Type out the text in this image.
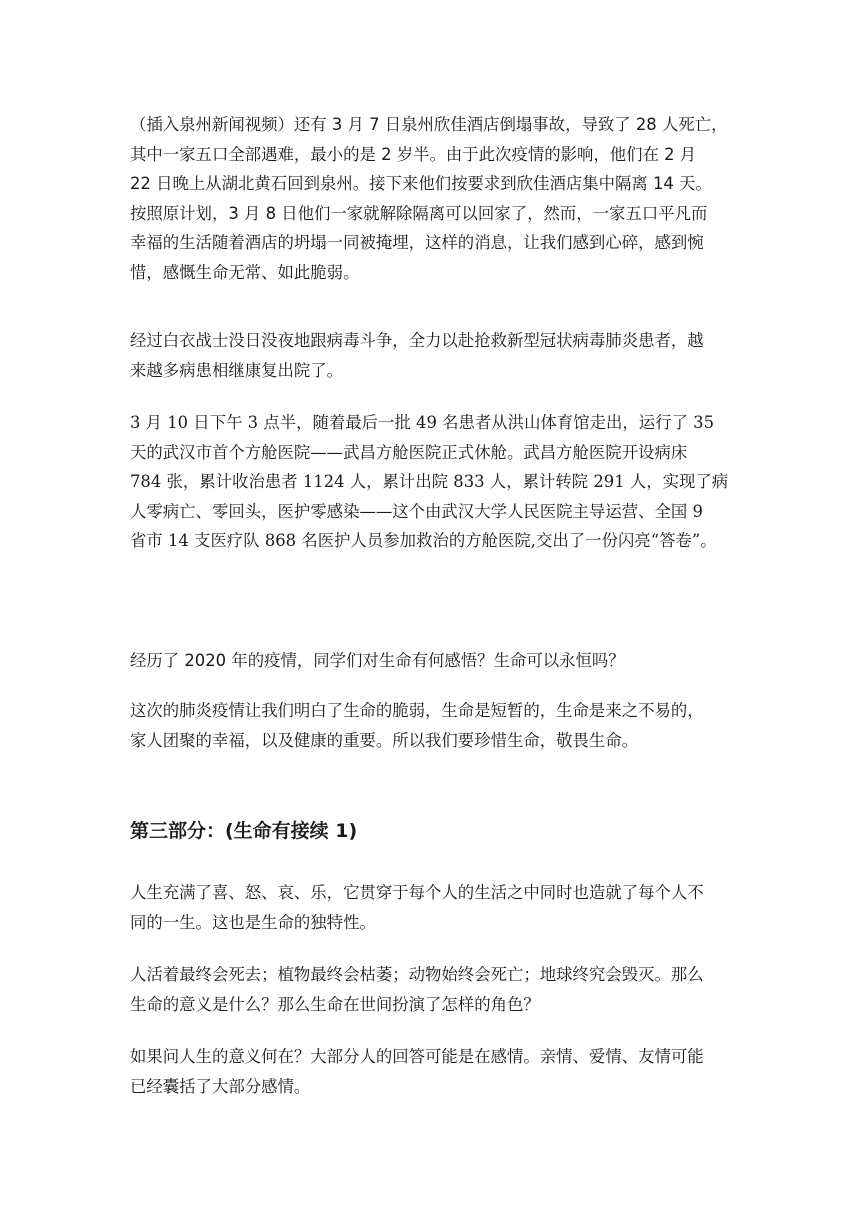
（插入泉州新闻视频）还有 3 月 7 日泉州欣佳酒店倒塌事故，导致了 28 人死亡，
其中一家五口全部遇难，最小的是 2 岁半。由于此次疫情的影响，他们在 2 月
22 日晚上从湖北黄石回到泉州。接下来他们按要求到欣佳酒店集中隔离 14 天。
按照原计划，3 月 8 日他们一家就解除隔离可以回家了，然而，一家五口平凡而
幸福的生活随着酒店的坍塌一同被掩埋，这样的消息，让我们感到心碎，感到惋
惜，感慨生命无常、如此脆弱。

经过白衣战士没日没夜地跟病毒斗争，全力以赴抢救新型冠状病毒肺炎患者，越
来越多病患相继康复出院了。

3 月 10 日下午 3 点半，随着最后一批 49 名患者从洪山体育馆走出，运行了 35
天的武汉市首个方舱医院——武昌方舱医院正式休舱。武昌方舱医院开设病床
784 张，累计收治患者 1124 人，累计出院 833 人，累计转院 291 人，实现了病
人零病亡、零回头，医护零感染——这个由武汉大学人民医院主导运营、全国 9
省市 14 支医疗队 868 名医护人员参加救治的方舱医院,交出了一份闪亮“答卷”。

经历了 2020 年的疫情，同学们对生命有何感悟？生命可以永恒吗？

这次的肺炎疫情让我们明白了生命的脆弱，生命是短暂的，生命是来之不易的，
家人团聚的幸福，以及健康的重要。所以我们要珍惜生命，敬畏生命。

第三部分：(生命有接续 1)

人生充满了喜、怒、哀、乐，它贯穿于每个人的生活之中同时也造就了每个人不
同的一生。这也是生命的独特性。

人活着最终会死去；植物最终会枯萎；动物始终会死亡；地球终究会毁灭。那么
生命的意义是什么？那么生命在世间扮演了怎样的角色？

如果问人生的意义何在？大部分人的回答可能是在感情。亲情、爱情、友情可能
已经囊括了大部分感情。
